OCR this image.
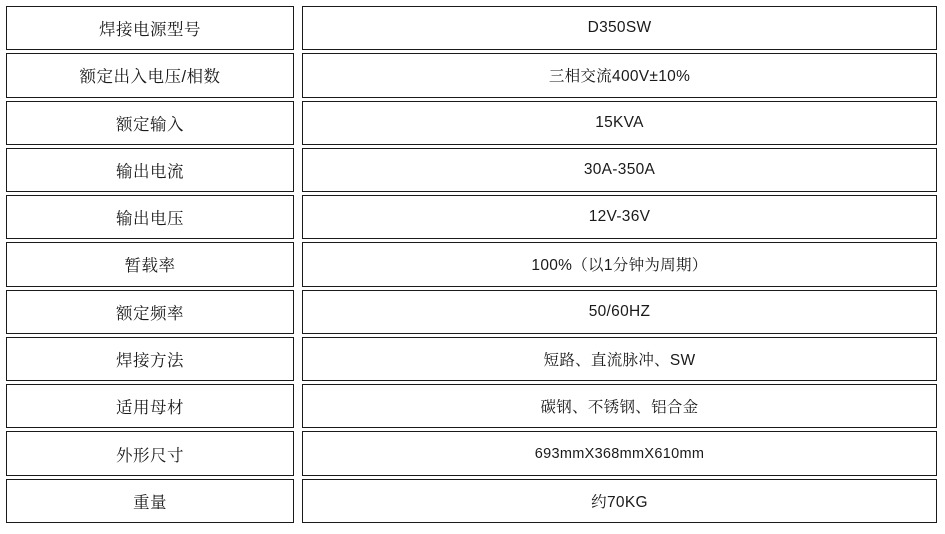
焊接电源型号	D350SW
额定出入电压/相数	三相交流400V±10%
额定输入	15KVA
输出电流	30A-350A
输出电压	12V-36V
暂载率	100%（以1分钟为周期）
额定频率	50/60HZ
焊接方法	短路、直流脉冲、SW
适用母材	碳钢、不锈钢、铝合金
外形尺寸	693mmX368mmX610mm
重量	约70KG
